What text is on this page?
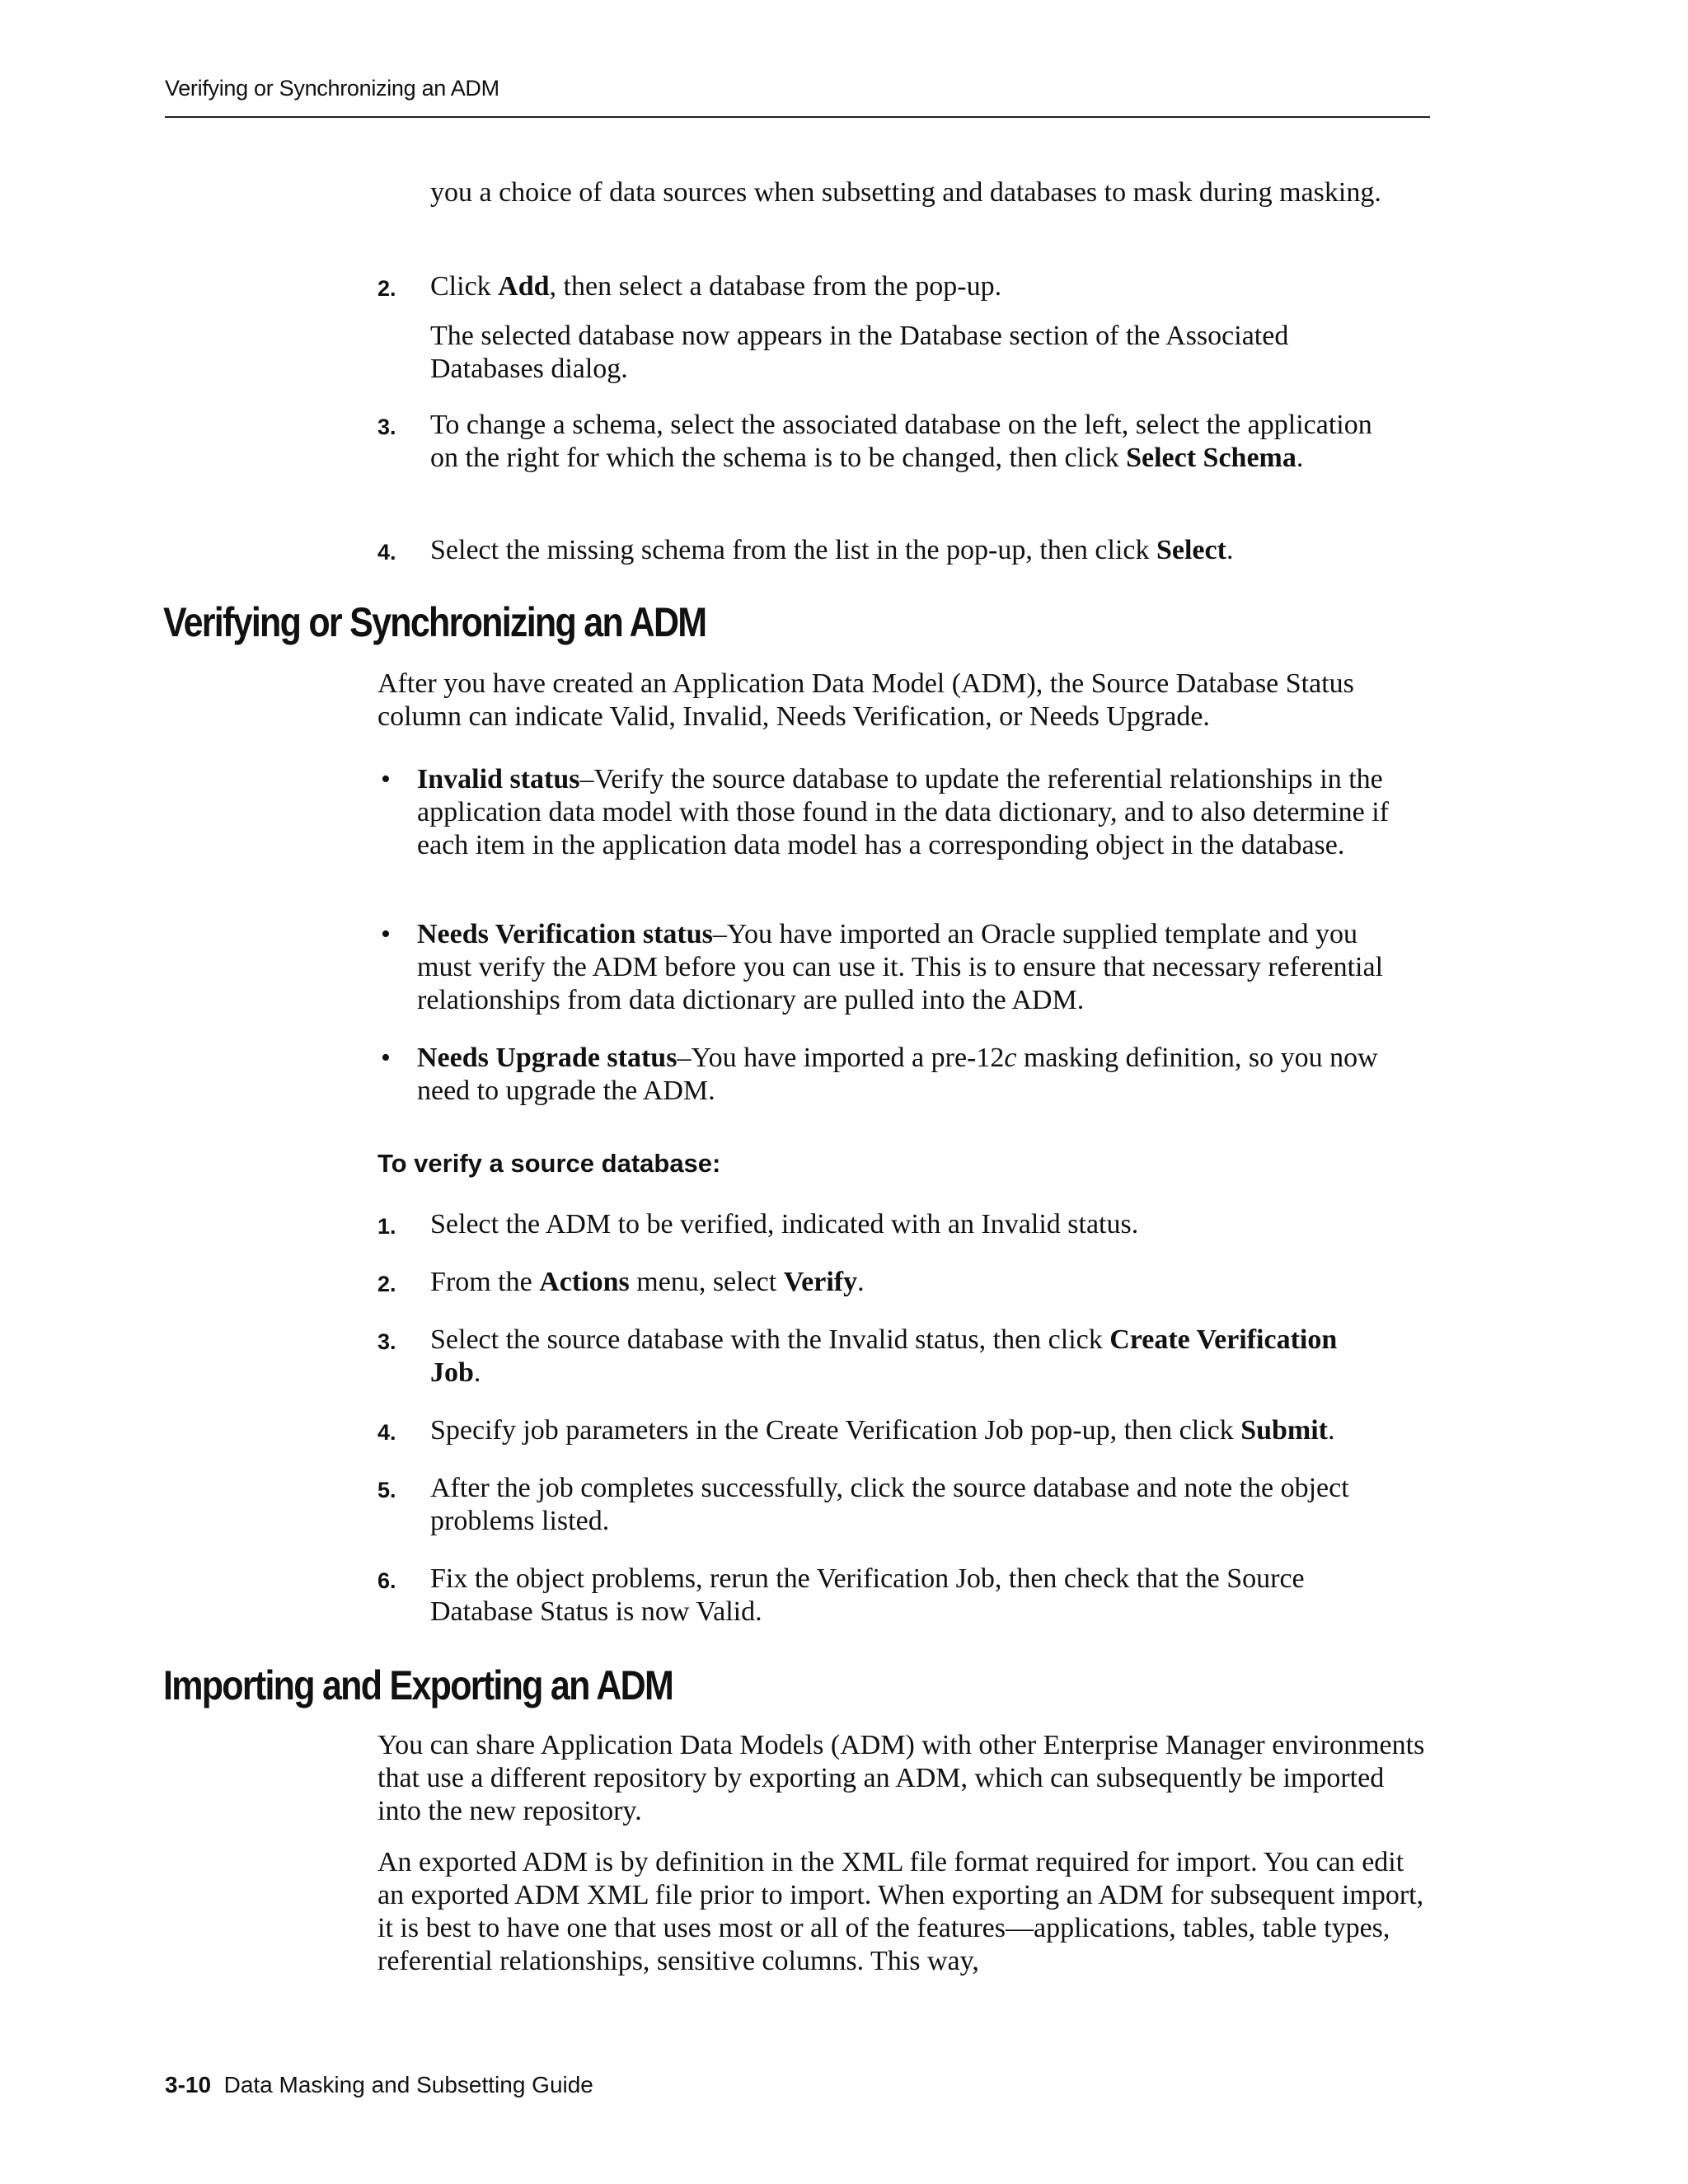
Verifying or Synchronizing an ADM
you a choice of data sources when subsetting and databases to mask during masking.
2.	Click Add, then select a database from the pop-up.
The selected database now appears in the Database section of the Associated Databases dialog.
3.	To change a schema, select the associated database on the left, select the application on the right for which the schema is to be changed, then click Select Schema.
4.	Select the missing schema from the list in the pop-up, then click Select.
Verifying or Synchronizing an ADM
After you have created an Application Data Model (ADM), the Source Database Status column can indicate Valid, Invalid, Needs Verification, or Needs Upgrade.
• Invalid status–Verify the source database to update the referential relationships in the application data model with those found in the data dictionary, and to also determine if each item in the application data model has a corresponding object in the database.
• Needs Verification status–You have imported an Oracle supplied template and you must verify the ADM before you can use it. This is to ensure that necessary referential relationships from data dictionary are pulled into the ADM.
• Needs Upgrade status–You have imported a pre-12c masking definition, so you now need to upgrade the ADM.
To verify a source database:
1.	Select the ADM to be verified, indicated with an Invalid status.
2.	From the Actions menu, select Verify.
3.	Select the source database with the Invalid status, then click Create Verification Job.
4.	Specify job parameters in the Create Verification Job pop-up, then click Submit.
5.	After the job completes successfully, click the source database and note the object problems listed.
6.	Fix the object problems, rerun the Verification Job, then check that the Source Database Status is now Valid.
Importing and Exporting an ADM
You can share Application Data Models (ADM) with other Enterprise Manager environments that use a different repository by exporting an ADM, which can subsequently be imported into the new repository.
An exported ADM is by definition in the XML file format required for import. You can edit an exported ADM XML file prior to import. When exporting an ADM for subsequent import, it is best to have one that uses most or all of the features—applications, tables, table types, referential relationships, sensitive columns. This way,
3-10 Data Masking and Subsetting Guide
